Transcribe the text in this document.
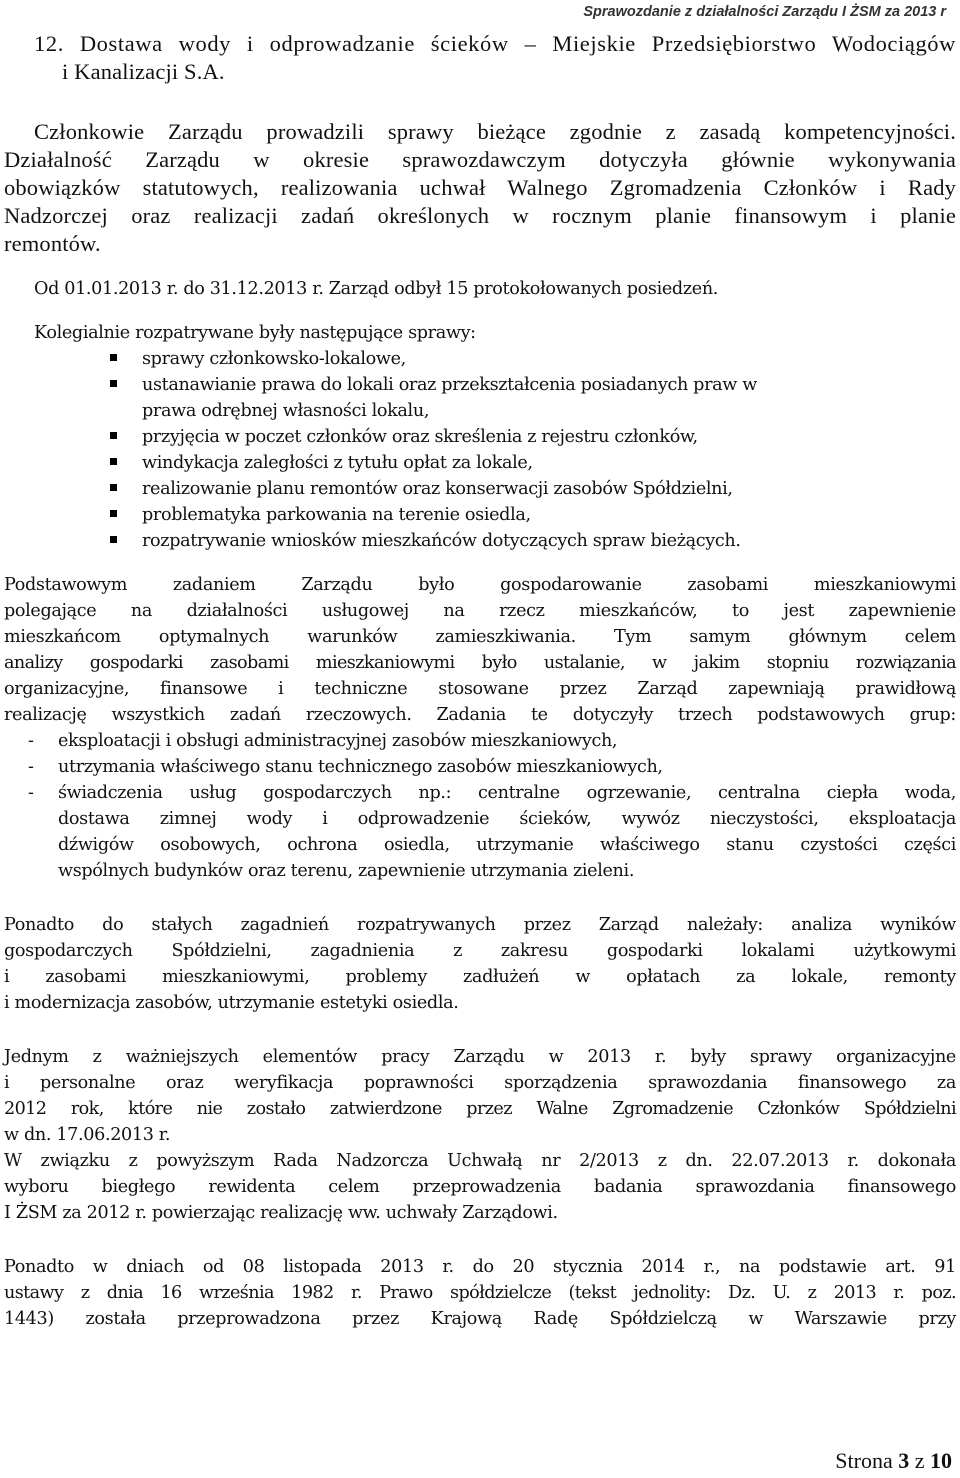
Sprawozdanie z działalności Zarządu I ŻSM za 2013 r

12. Dostawa wody i odprowadzanie ścieków – Miejskie Przedsiębiorstwo Wodociągów

i Kanalizacji S.A.

Członkowie Zarządu prowadzili sprawy bieżące zgodnie z zasadą kompetencyjności.

Działalność Zarządu w okresie sprawozdawczym dotyczyła głównie wykonywania

obowiązków statutowych, realizowania uchwał Walnego Zgromadzenia Członków i Rady

Nadzorczej oraz realizacji zadań określonych w rocznym planie finansowym i planie

remontów.

Od 01.01.2013 r. do 31.12.2013 r. Zarząd odbył 15 protokołowanych posiedzeń.

Kolegialnie rozpatrywane były następujące sprawy:

sprawy członkowsko-lokalowe,
ustanawianie prawa do lokali oraz przekształcenia posiadanych praw w

prawa odrębnej własności lokalu,

przyjęcia w poczet członków oraz skreślenia z rejestru członków,
windykacja zaległości z tytułu opłat za lokale,
realizowanie planu remontów oraz konserwacji zasobów Spółdzielni,
problematyka parkowania na terenie osiedla,
rozpatrywanie wniosków mieszkańców dotyczących spraw bieżących.

Podstawowym zadaniem Zarządu było gospodarowanie zasobami mieszkaniowymi

polegające na działalności usługowej na rzecz mieszkańców, to jest zapewnienie

mieszkańcom optymalnych warunków zamieszkiwania. Tym samym głównym celem

analizy gospodarki zasobami mieszkaniowymi było ustalanie, w jakim stopniu rozwiązania

organizacyjne, finansowe i techniczne stosowane przez Zarząd zapewniają prawidłową

realizację wszystkich zadań rzeczowych. Zadania te dotyczyły trzech podstawowych grup:

- eksploatacji i obsługi administracyjnej zasobów mieszkaniowych,
- utrzymania właściwego stanu technicznego zasobów mieszkaniowych,

- świadczenia usług gospodarczych np.: centralne ogrzewanie, centralna ciepła woda,

dostawa zimnej wody i odprowadzenie ścieków, wywóz nieczystości, eksploatacja

dźwigów osobowych, ochrona osiedla, utrzymanie właściwego stanu czystości części

wspólnych budynków oraz terenu, zapewnienie utrzymania zieleni.

Ponadto do stałych zagadnień rozpatrywanych przez Zarząd należały: analiza wyników

gospodarczych Spółdzielni, zagadnienia z zakresu gospodarki lokalami użytkowymi

i zasobami mieszkaniowymi, problemy zadłużeń w opłatach za lokale, remonty

i modernizacja zasobów, utrzymanie estetyki osiedla.

Jednym z ważniejszych elementów pracy Zarządu w 2013 r. były sprawy organizacyjne

i personalne oraz weryfikacja poprawności sporządzenia sprawozdania finansowego za

2012 rok, które nie zostało zatwierdzone przez Walne Zgromadzenie Członków Spółdzielni

w dn. 17.06.2013 r.

W związku z powyższym Rada Nadzorcza Uchwałą nr 2/2013 z dn. 22.07.2013 r. dokonała

wyboru biegłego rewidenta celem przeprowadzenia badania sprawozdania finansowego

I ŻSM za 2012 r. powierzając realizację ww. uchwały Zarządowi.

Ponadto w dniach od 08 listopada 2013 r. do 20 stycznia 2014 r., na podstawie art. 91

ustawy z dnia 16 września 1982 r. Prawo spółdzielcze (tekst jednolity: Dz. U. z 2013 r. poz.

1443) została przeprowadzona przez Krajową Radę Spółdzielczą w Warszawie przy

Strona 3 z 10
